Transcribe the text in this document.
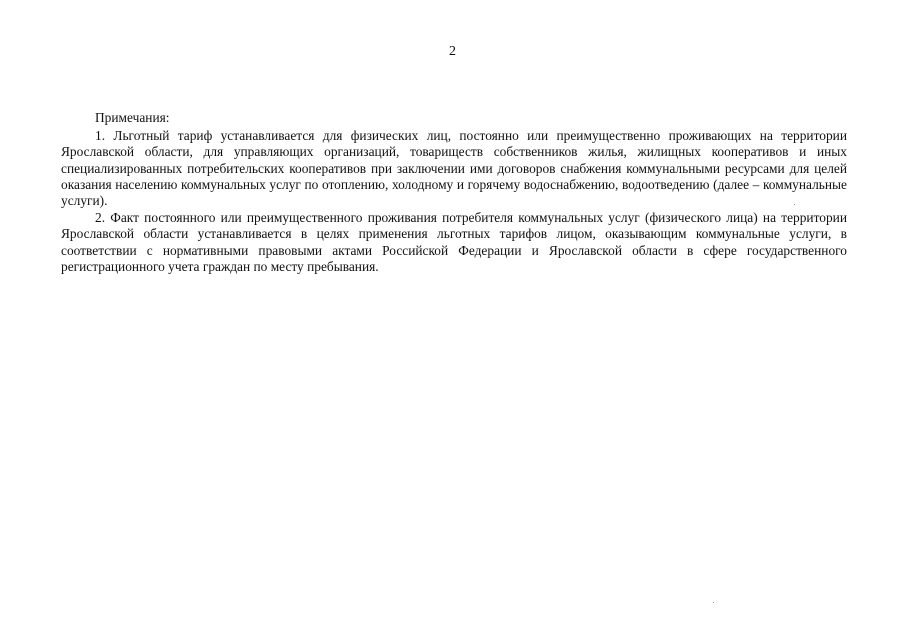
2
Примечания:

1. Льготный тариф устанавливается для физических лиц, постоянно или преимущественно проживающих на территории Ярославской области, для управляющих организаций, товариществ собственников жилья, жилищных кооперативов и иных специализированных потребительских кооперативов при заключении ими договоров снабжения коммунальными ресурсами для целей оказания населению коммунальных услуг по отоплению, холодному и горячему водоснабжению, водоотведению (далее – коммунальные услуги).

2. Факт постоянного или преимущественного проживания потребителя коммунальных услуг (физического лица) на территории Ярославской области устанавливается в целях применения льготных тарифов лицом, оказывающим коммунальные услуги, в соответствии с нормативными правовыми актами Российской Федерации и Ярославской области в сфере государственного регистрационного учета граждан по месту пребывания.
